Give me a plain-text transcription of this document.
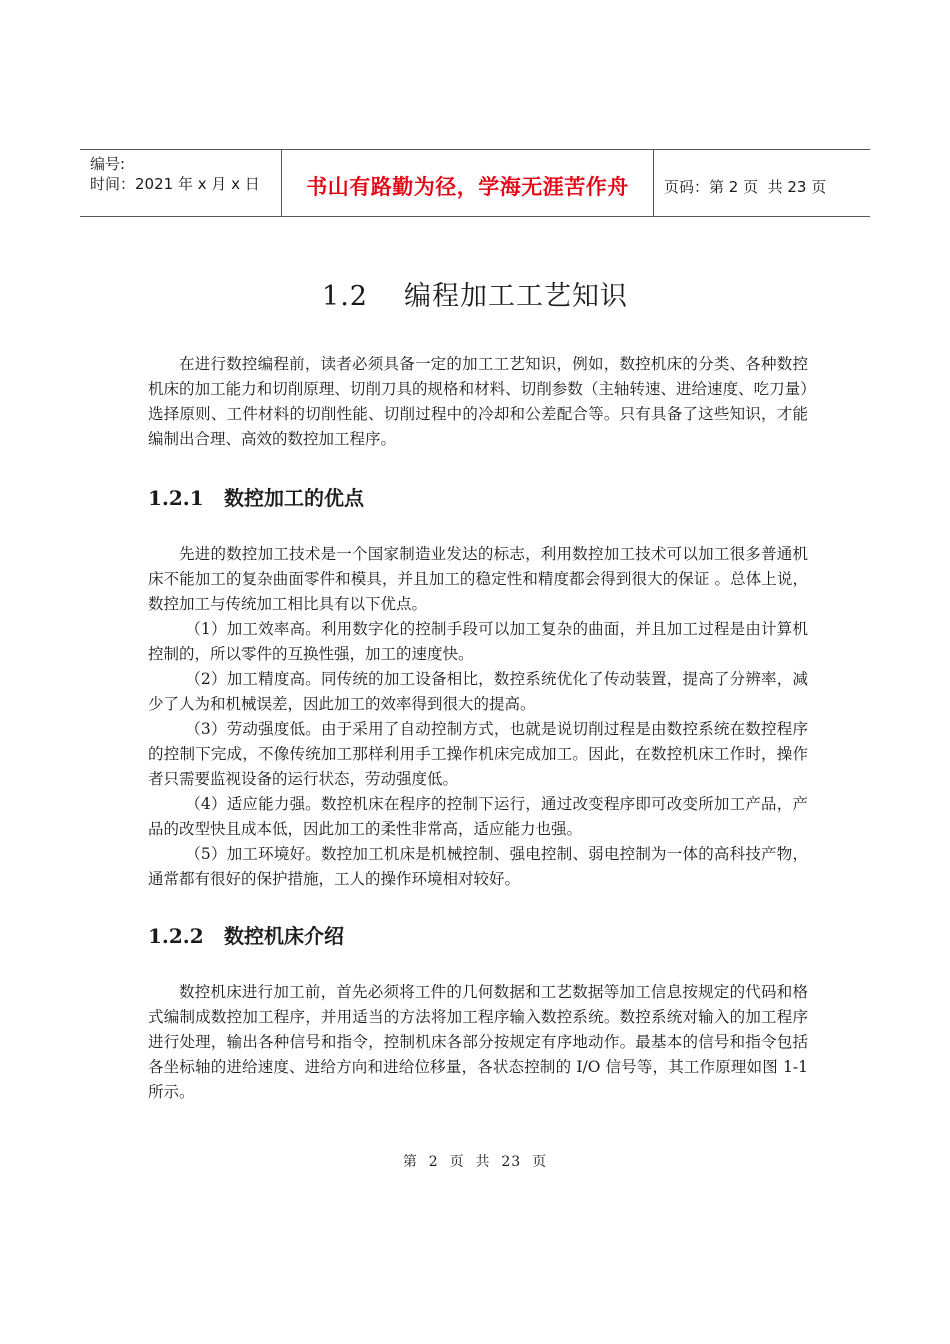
编号:
时间：2021 年 x 月 x 日	书山有路勤为径，学海无涯苦作舟 页码：第 2 页  共 23 页
1.2 编程加工工艺知识

在进行数控编程前，读者必须具备一定的加工工艺知识，例如，数控机床的分类、各种数控机床的加工能力和切削原理、切削刀具的规格和材料、切削参数（主轴转速、进给速度、吃刀量）选择原则、工件材料的切削性能、切削过程中的冷却和公差配合等。只有具备了这些知识，才能编制出合理、高效的数控加工程序。

1.2.1 数控加工的优点
先进的数控加工技术是一个国家制造业发达的标志，利用数控加工技术可以加工很多普通机床不能加工的复杂曲面零件和模具，并且加工的稳定性和精度都会得到很大的保证 。总体上说，数控加工与传统加工相比具有以下优点。
（1）加工效率高。利用数字化的控制手段可以加工复杂的曲面，并且加工过程是由计算机控制的，所以零件的互换性强，加工的速度快。
（2）加工精度高。同传统的加工设备相比，数控系统优化了传动装置，提高了分辨率，减少了人为和机械误差，因此加工的效率得到很大的提高。
（3）劳动强度低。由于采用了自动控制方式，也就是说切削过程是由数控系统在数控程序的控制下完成，不像传统加工那样利用手工操作机床完成加工。因此，在数控机床工作时，操作者只需要监视设备的运行状态，劳动强度低。
（4）适应能力强。数控机床在程序的控制下运行，通过改变程序即可改变所加工产品，产品的改型快且成本低，因此加工的柔性非常高，适应能力也强。
（5）加工环境好。数控加工机床是机械控制、强电控制、弱电控制为一体的高科技产物，通常都有很好的保护措施，工人的操作环境相对较好。
1.2.2 数控机床介绍

数控机床进行加工前，首先必须将工件的几何数据和工艺数据等加工信息按规定的代码和格式编制成数控加工程序，并用适当的方法将加工程序输入数控系统。数控系统对输入的加工程序进行处理，输出各种信号和指令，控制机床各部分按规定有序地动作。最基本的信号和指令包括各坐标轴的进给速度、进给方向和进给位移量，各状态控制的 I/O 信号等，其工作原理如图 1-1 所示。

第  2  页  共  23  页
